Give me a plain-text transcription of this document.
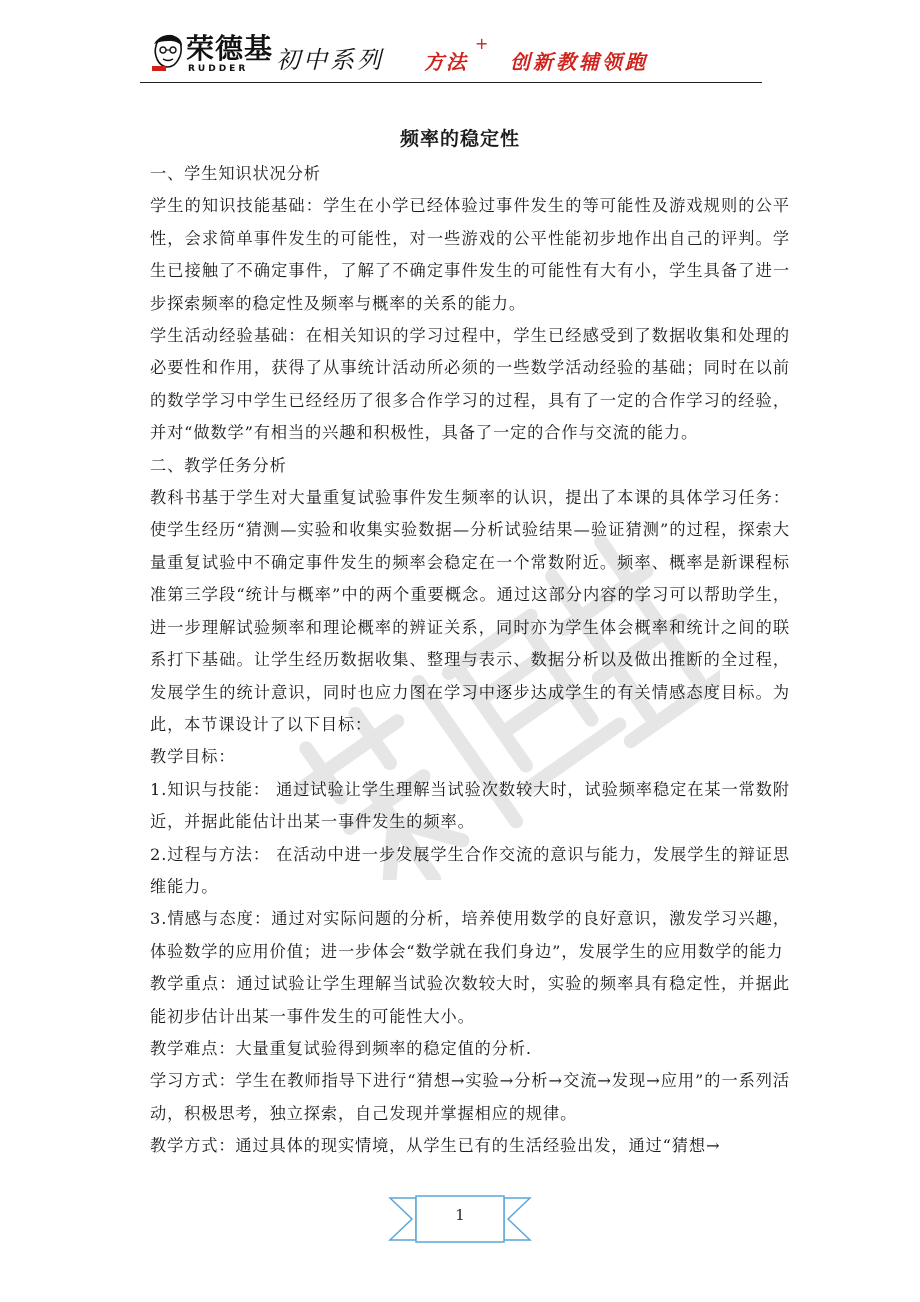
荣德基
RUDDER 初中系列 方法
+
创新教辅领跑
频率的稳定性

一、学生知识状况分析

学生的知识技能基础：学生在小学已经体验过事件发生的等可能性及游戏规则的公平性，会求简单事件发生的可能性，对一些游戏的公平性能初步地作出自己的评判。学生已接触了不确定事件，了解了不确定事件发生的可能性有大有小，学生具备了进一步探索频率的稳定性及频率与概率的关系的能力。

学生活动经验基础：在相关知识的学习过程中，学生已经感受到了数据收集和处理的必要性和作用，获得了从事统计活动所必须的一些数学活动经验的基础；同时在以前的数学学习中学生已经经历了很多合作学习的过程，具有了一定的合作学习的经验，并对“做数学”有相当的兴趣和积极性，具备了一定的合作与交流的能力。

二、教学任务分析

教科书基于学生对大量重复试验事件发生频率的认识，提出了本课的具体学习任务：使学生经历“猜测—实验和收集实验数据—分析试验结果—验证猜测”的过程，探索大量重复试验中不确定事件发生的频率会稳定在一个常数附近。频率、概率是新课程标准第三学段“统计与概率”中的两个重要概念。通过这部分内容的学习可以帮助学生，进一步理解试验频率和理论概率的辨证关系，同时亦为学生体会概率和统计之间的联系打下基础。让学生经历数据收集、整理与表示、数据分析以及做出推断的全过程，发展学生的统计意识，同时也应力图在学习中逐步达成学生的有关情感态度目标。为此，本节课设计了以下目标：

教学目标：

1.知识与技能： 通过试验让学生理解当试验次数较大时，试验频率稳定在某一常数附近，并据此能估计出某一事件发生的频率。

2.过程与方法： 在活动中进一步发展学生合作交流的意识与能力，发展学生的辩证思维能力。

3.情感与态度：通过对实际问题的分析，培养使用数学的良好意识，激发学习兴趣，体验数学的应用价值；进一步体会“数学就在我们身边”，发展学生的应用数学的能力

教学重点：通过试验让学生理解当试验次数较大时，实验的频率具有稳定性，并据此能初步估计出某一事件发生的可能性大小。

教学难点：大量重复试验得到频率的稳定值的分析.

学习方式：学生在教师指导下进行“猜想→实验→分析→交流→发现→应用”的一系列活动，积极思考，独立探索，自己发现并掌握相应的规律。

教学方式：通过具体的现实情境，从学生已有的生活经验出发，通过“猜想→

1
